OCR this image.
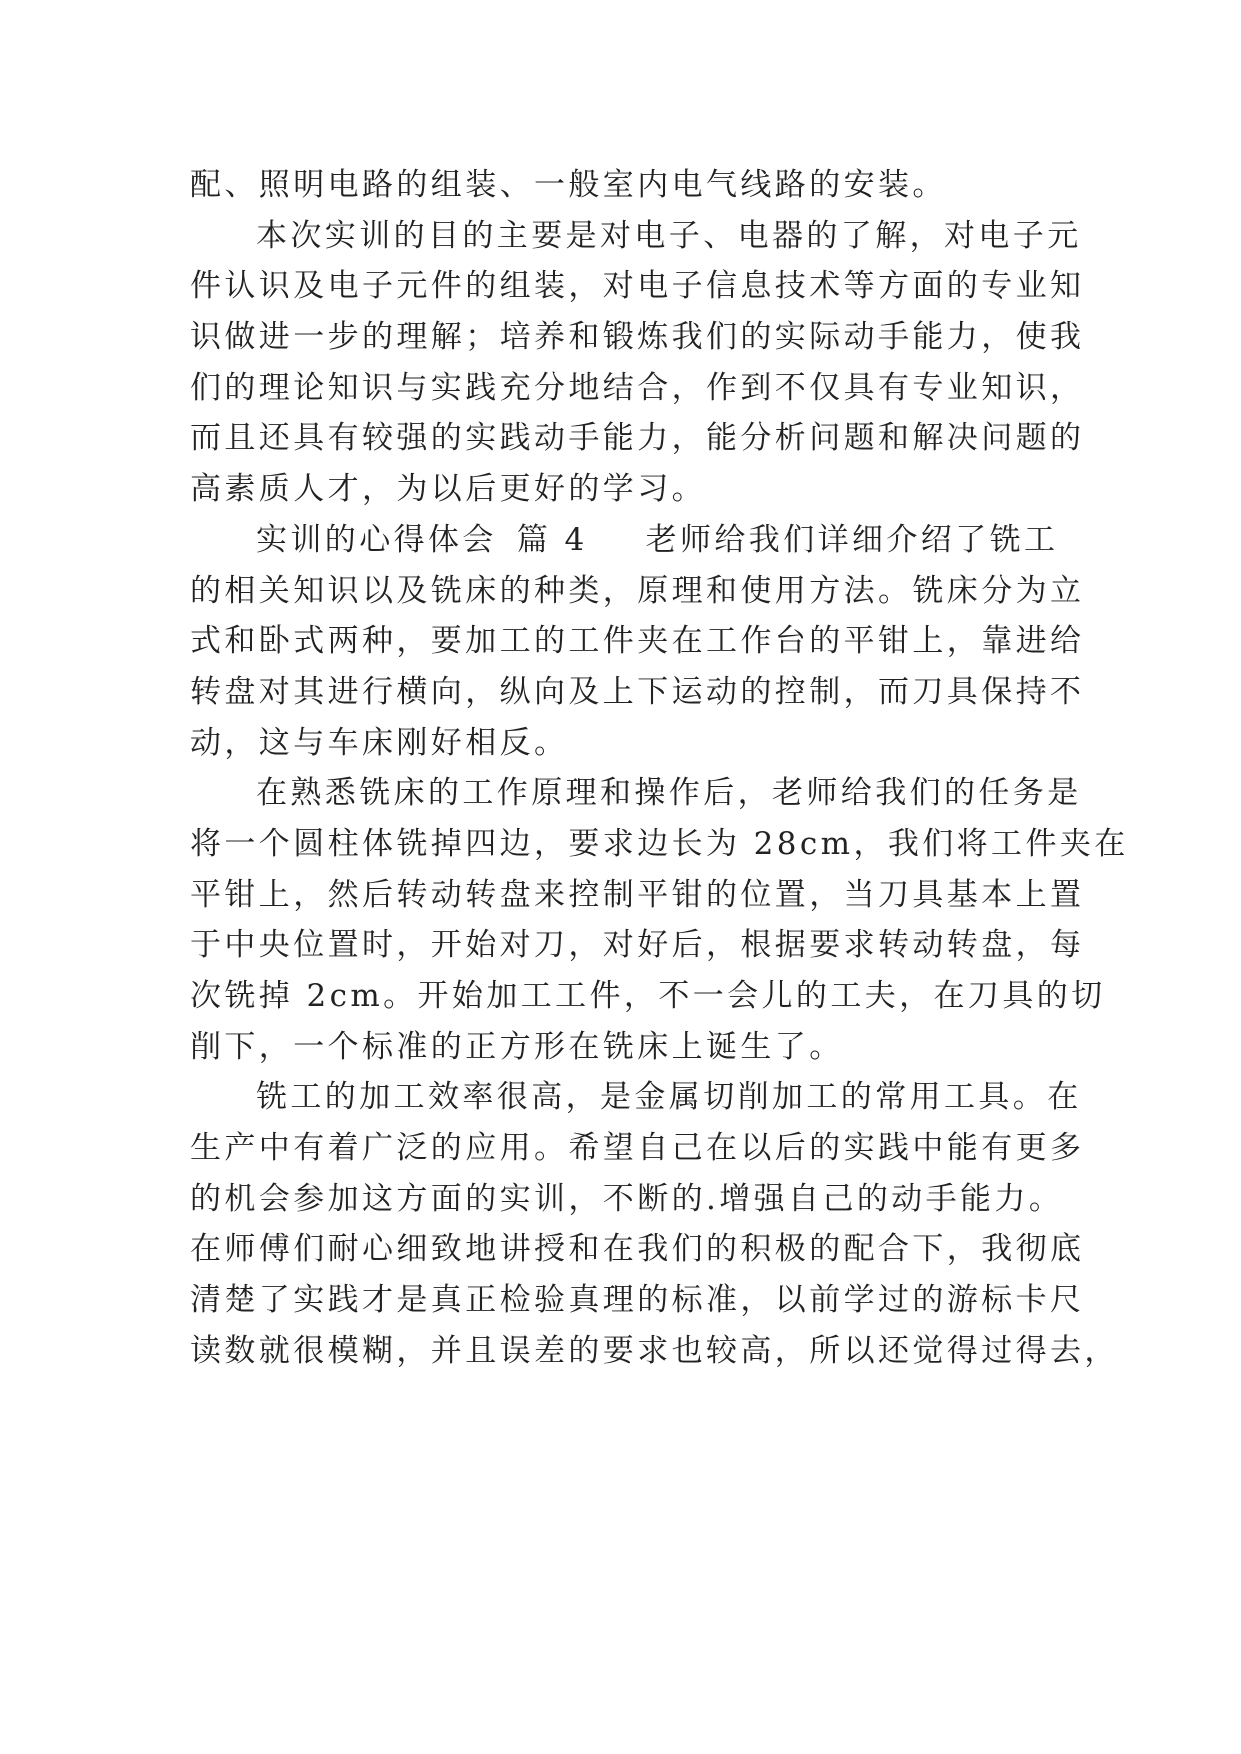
配、照明电路的组装、一般室内电气线路的安装。
本次实训的目的主要是对电子、电器的了解，对电子元
件认识及电子元件的组装，对电子信息技术等方面的专业知
识做进一步的理解；培养和锻炼我们的实际动手能力，使我
们的理论知识与实践充分地结合，作到不仅具有专业知识，
而且还具有较强的实践动手能力，能分析问题和解决问题的
高素质人才，为以后更好的学习。
实训的心得体会 篇 4 老师给我们详细介绍了铣工
的相关知识以及铣床的种类，原理和使用方法。铣床分为立
式和卧式两种，要加工的工件夹在工作台的平钳上，靠进给
转盘对其进行横向，纵向及上下运动的控制，而刀具保持不
动，这与车床刚好相反。
在熟悉铣床的工作原理和操作后，老师给我们的任务是
将一个圆柱体铣掉四边，要求边长为 28cm，我们将工件夹在
平钳上，然后转动转盘来控制平钳的位置，当刀具基本上置
于中央位置时，开始对刀，对好后，根据要求转动转盘，每
次铣掉 2cm。开始加工工件，不一会儿的工夫，在刀具的切
削下，一个标准的正方形在铣床上诞生了。
铣工的加工效率很高，是金属切削加工的常用工具。在
生产中有着广泛的应用。希望自己在以后的实践中能有更多
的机会参加这方面的实训，不断的.增强自己的动手能力。
在师傅们耐心细致地讲授和在我们的积极的配合下，我彻底
清楚了实践才是真正检验真理的标准，以前学过的游标卡尺
读数就很模糊，并且误差的要求也较高，所以还觉得过得去，
